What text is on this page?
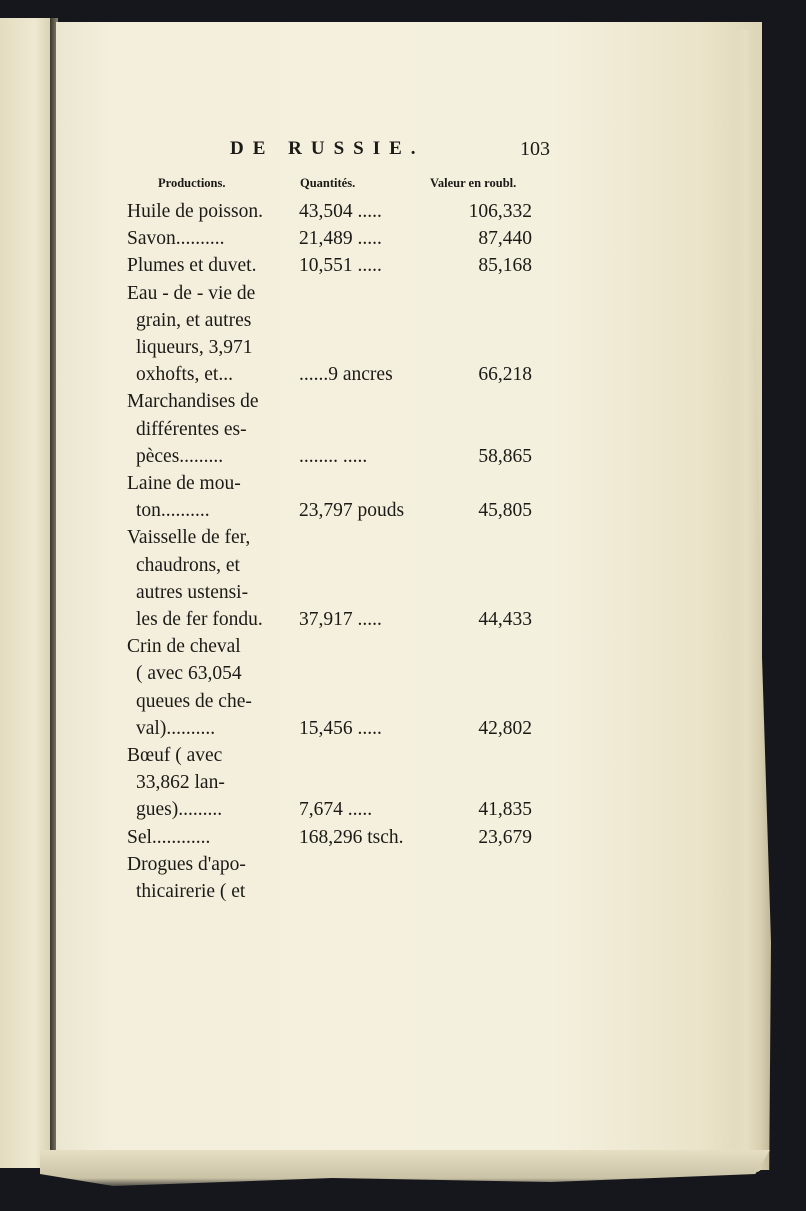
DE RUSSIE.	103
Productions.	Quantités.	Valeur en roubl.
Huile de poisson. 43,504 .....	106,332
Savon..........	21,489 .....	87,440
Plumes et duvet. 10,551 .....	85,168
Eau - de - vie de
grain, et autres
liqueurs, 3,971
oxhofts, et...	......9 ancres	66,218
Marchandises de
différentes es-
pèces.........	........ .....	58,865
Laine de mou-
ton..........	23,797 pouds	45,805
Vaisselle de fer,
chaudrons, et
autres ustensi-
les de fer fondu. 37,917 .....	44,433
Crin de cheval
( avec 63,054
queues de che-
val)..........	15,456 .....	42,802
Bœuf ( avec
33,862 lan-
gues).........	7,674 .....	41,835
Sel............	168,296 tsch.	23,679
Drogues d'apo-
thicairerie ( et
